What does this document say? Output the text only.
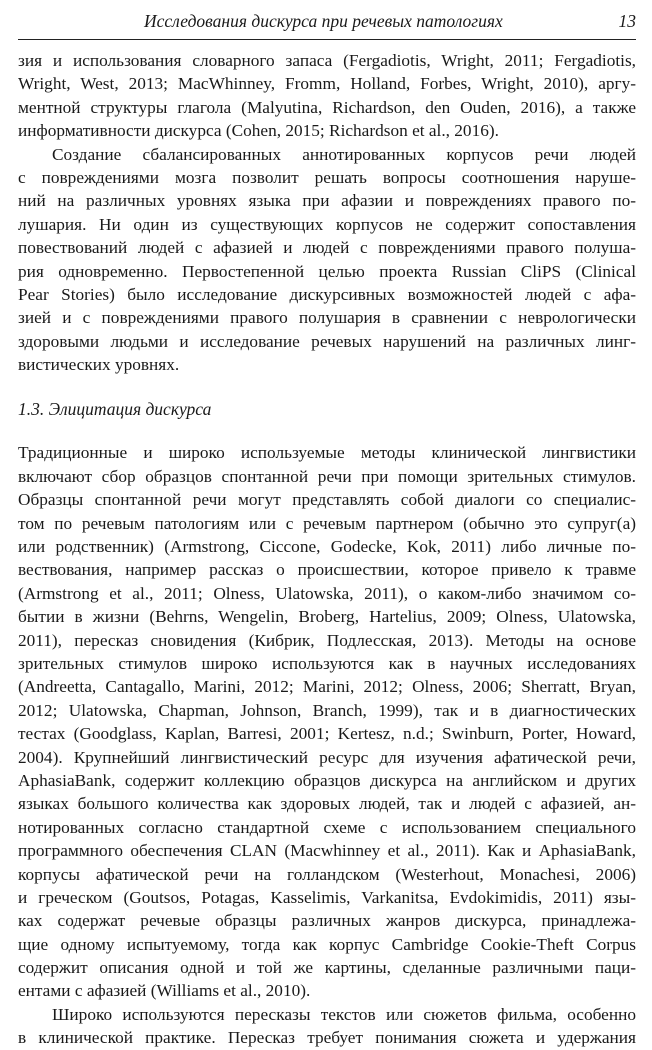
Исследования дискурса при речевых патологиях	13
зия и использования словарного запаса (Fergadiotis, Wright, 2011; Fergadiotis,
Wright, West, 2013; MacWhinney, Fromm, Holland, Forbes, Wright, 2010), аргу-
ментной структуры глагола (Malyutina, Richardson, den Ouden, 2016), а также
информативности дискурса (Cohen, 2015; Richardson et al., 2016).
Создание сбалансированных аннотированных корпусов речи людей
с повреждениями мозга позволит решать вопросы соотношения наруше-
ний на различных уровнях языка при афазии и повреждениях правого по-
лушария. Ни один из существующих корпусов не содержит сопоставления
повествований людей с афазией и людей с повреждениями правого полуша-
рия одновременно. Первостепенной целью проекта Russian CliPS (Clinical
Pear Stories) было исследование дискурсивных возможностей людей с афа-
зией и с повреждениями правого полушария в сравнении с неврологически
здоровыми людьми и исследование речевых нарушений на различных линг-
вистических уровнях.
1.3. Элицитация дискурса
Традиционные и широко используемые методы клинической лингвистики
включают сбор образцов спонтанной речи при помощи зрительных стимулов.
Образцы спонтанной речи могут представлять собой диалоги со специалис-
том по речевым патологиям или с речевым партнером (обычно это супруг(а)
или родственник) (Armstrong, Ciccone, Godecke, Kok, 2011) либо личные по-
вествования, например рассказ о происшествии, которое привело к травме
(Armstrong et al., 2011; Olness, Ulatowska, 2011), о каком-либо значимом со-
бытии в жизни (Behrns, Wengelin, Broberg, Hartelius, 2009; Olness, Ulatowska,
2011), пересказ сновидения (Кибрик, Подлесская, 2013). Методы на основе
зрительных стимулов широко используются как в научных исследованиях
(Andreetta, Cantagallo, Marini, 2012; Marini, 2012; Olness, 2006; Sherratt, Bryan,
2012; Ulatowska, Chapman, Johnson, Branch, 1999), так и в диагностических
тестах (Goodglass, Kaplan, Barresi, 2001; Kertesz, n.d.; Swinburn, Porter, Howard,
2004). Крупнейший лингвистический ресурс для изучения афатической речи,
AphasiaBank, содержит коллекцию образцов дискурса на английском и других
языках большого количества как здоровых людей, так и людей с афазией, ан-
нотированных согласно стандартной схеме с использованием специального
программного обеспечения CLAN (Macwhinney et al., 2011). Как и AphasiaBank,
корпусы афатической речи на голландском (Westerhout, Monachesi, 2006)
и греческом (Goutsos, Potagas, Kasselimis, Varkanitsa, Evdokimidis, 2011) язы-
ках содержат речевые образцы различных жанров дискурса, принадлежа-
щие одному испытуемому, тогда как корпус Cambridge Cookie-Theft Corpus
содержит описания одной и той же картины, сделанные различными паци-
ентами с афазией (Williams et al., 2010).
Широко используются пересказы текстов или сюжетов фильма, особенно
в клинической практике. Пересказ требует понимания сюжета и удержания
